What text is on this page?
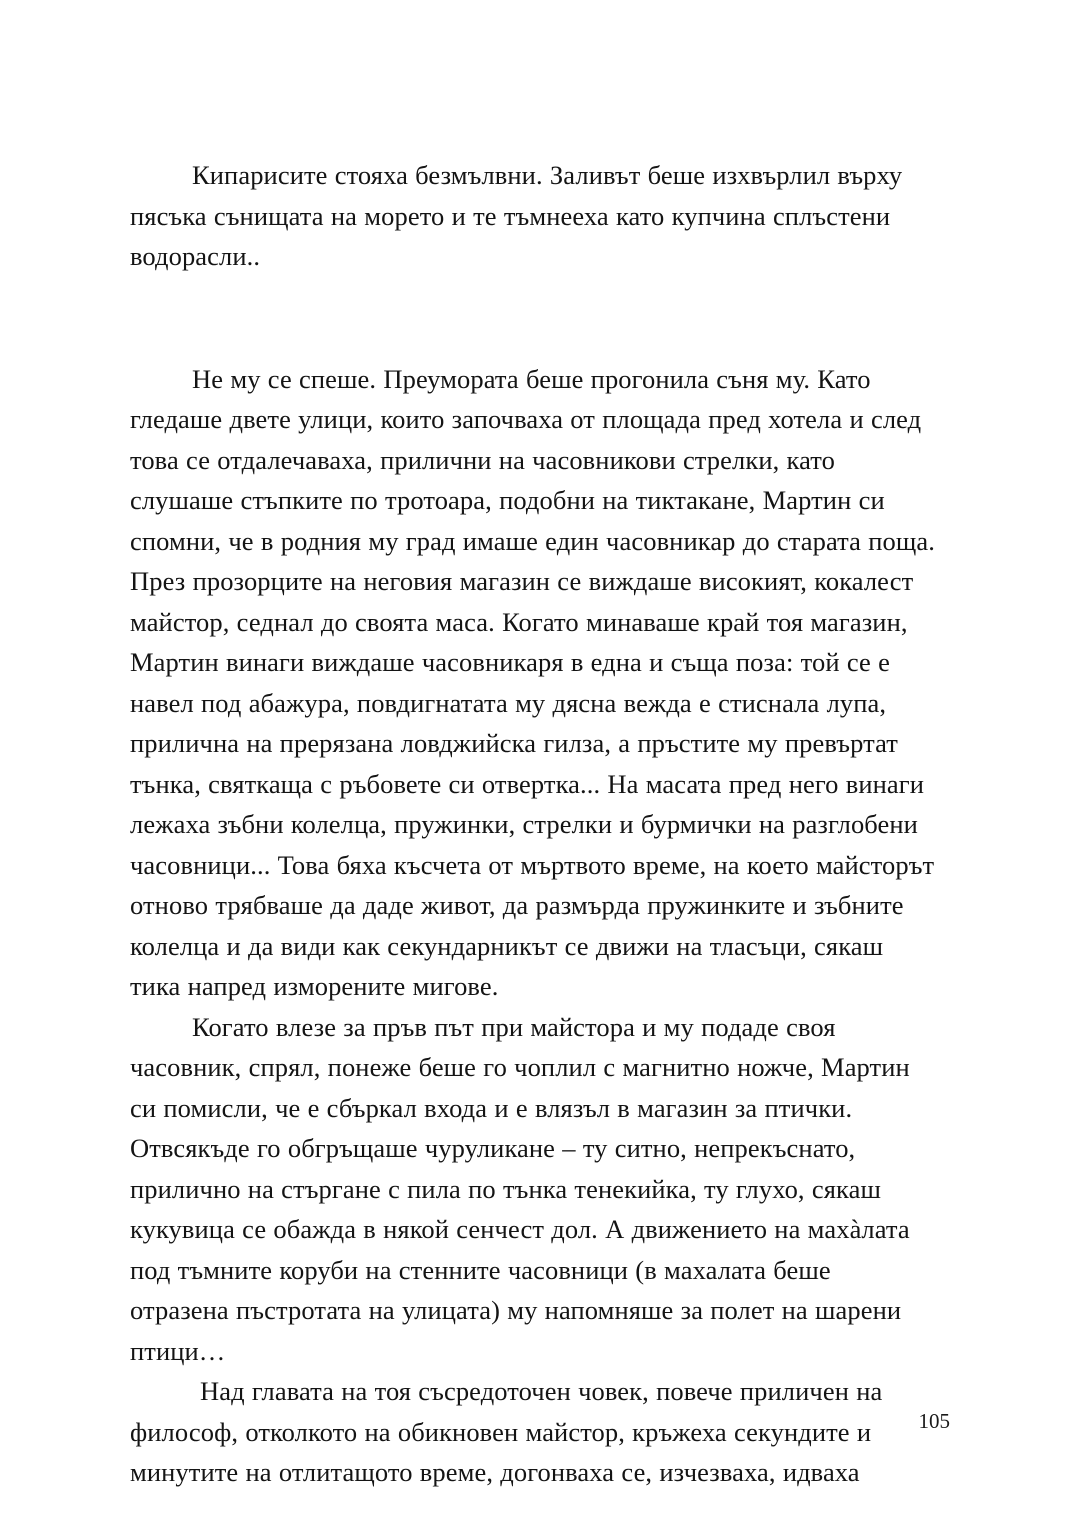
Кипарисите стояха безмълвни. Заливът беше изхвърлил върху пясъка сънищата на морето и те тъмнееха като купчина сплъстени водорасли..

Не му се спеше. Преумората беше прогонила съня му. Като гледаше двете улици, които започваха от площада пред хотела и след това се отдалечаваха, прилични на часовникови стрелки, като слушаше стъпките по тротоара, подобни на тиктакане, Мартин си спомни, че в родния му град имаше един часовникар до старата поща. През прозорците на неговия магазин се виждаше високият, кокалест майстор, седнал до своята маса. Когато минаваше край тоя магазин, Мартин винаги виждаше часовникаря в една и съща поза: той се е навел под абажура, повдигнатата му дясна вежда е стиснала лупа, прилична на прерязана ловджийска гилза, а пръстите му превъртат тънка, святкаща с ръбовете си отвертка... На масата пред него винаги лежаха зъбни колелца, пружинки, стрелки и бурмички на разглобени часовници... Това бяха късчета от мъртвото време, на което майсторът отново трябваше да даде живот, да размърда пружинките и зъбните колелца и да види как секундарникът се движи на тласъци, сякаш тика напред изморените мигове.

Когато влезе за пръв път при майстора и му подаде своя часовник, спрял, понеже беше го чоплил с магнитно ножче, Мартин си помисли, че е сбъркал входа и е влязъл в магазин за птички. Отвсякъде го обгръщаше чуруликане – ту ситно, непрекъснато, прилично на стъргане с пила по тънка тенекийка, ту глухо, сякаш кукувица се обажда в някой сенчест дол. А движението на махàлата под тъмните коруби на стенните часовници (в махалата беше отразена пъстротата на улицата) му напомняше за полет на шарени птици…

Над главата на тоя съсредоточен човек, повече приличен на философ, отколкото на обикновен майстор, кръжеха секундите и минутите на отлитащото време, догонваха се, изчезваха, идваха

105
